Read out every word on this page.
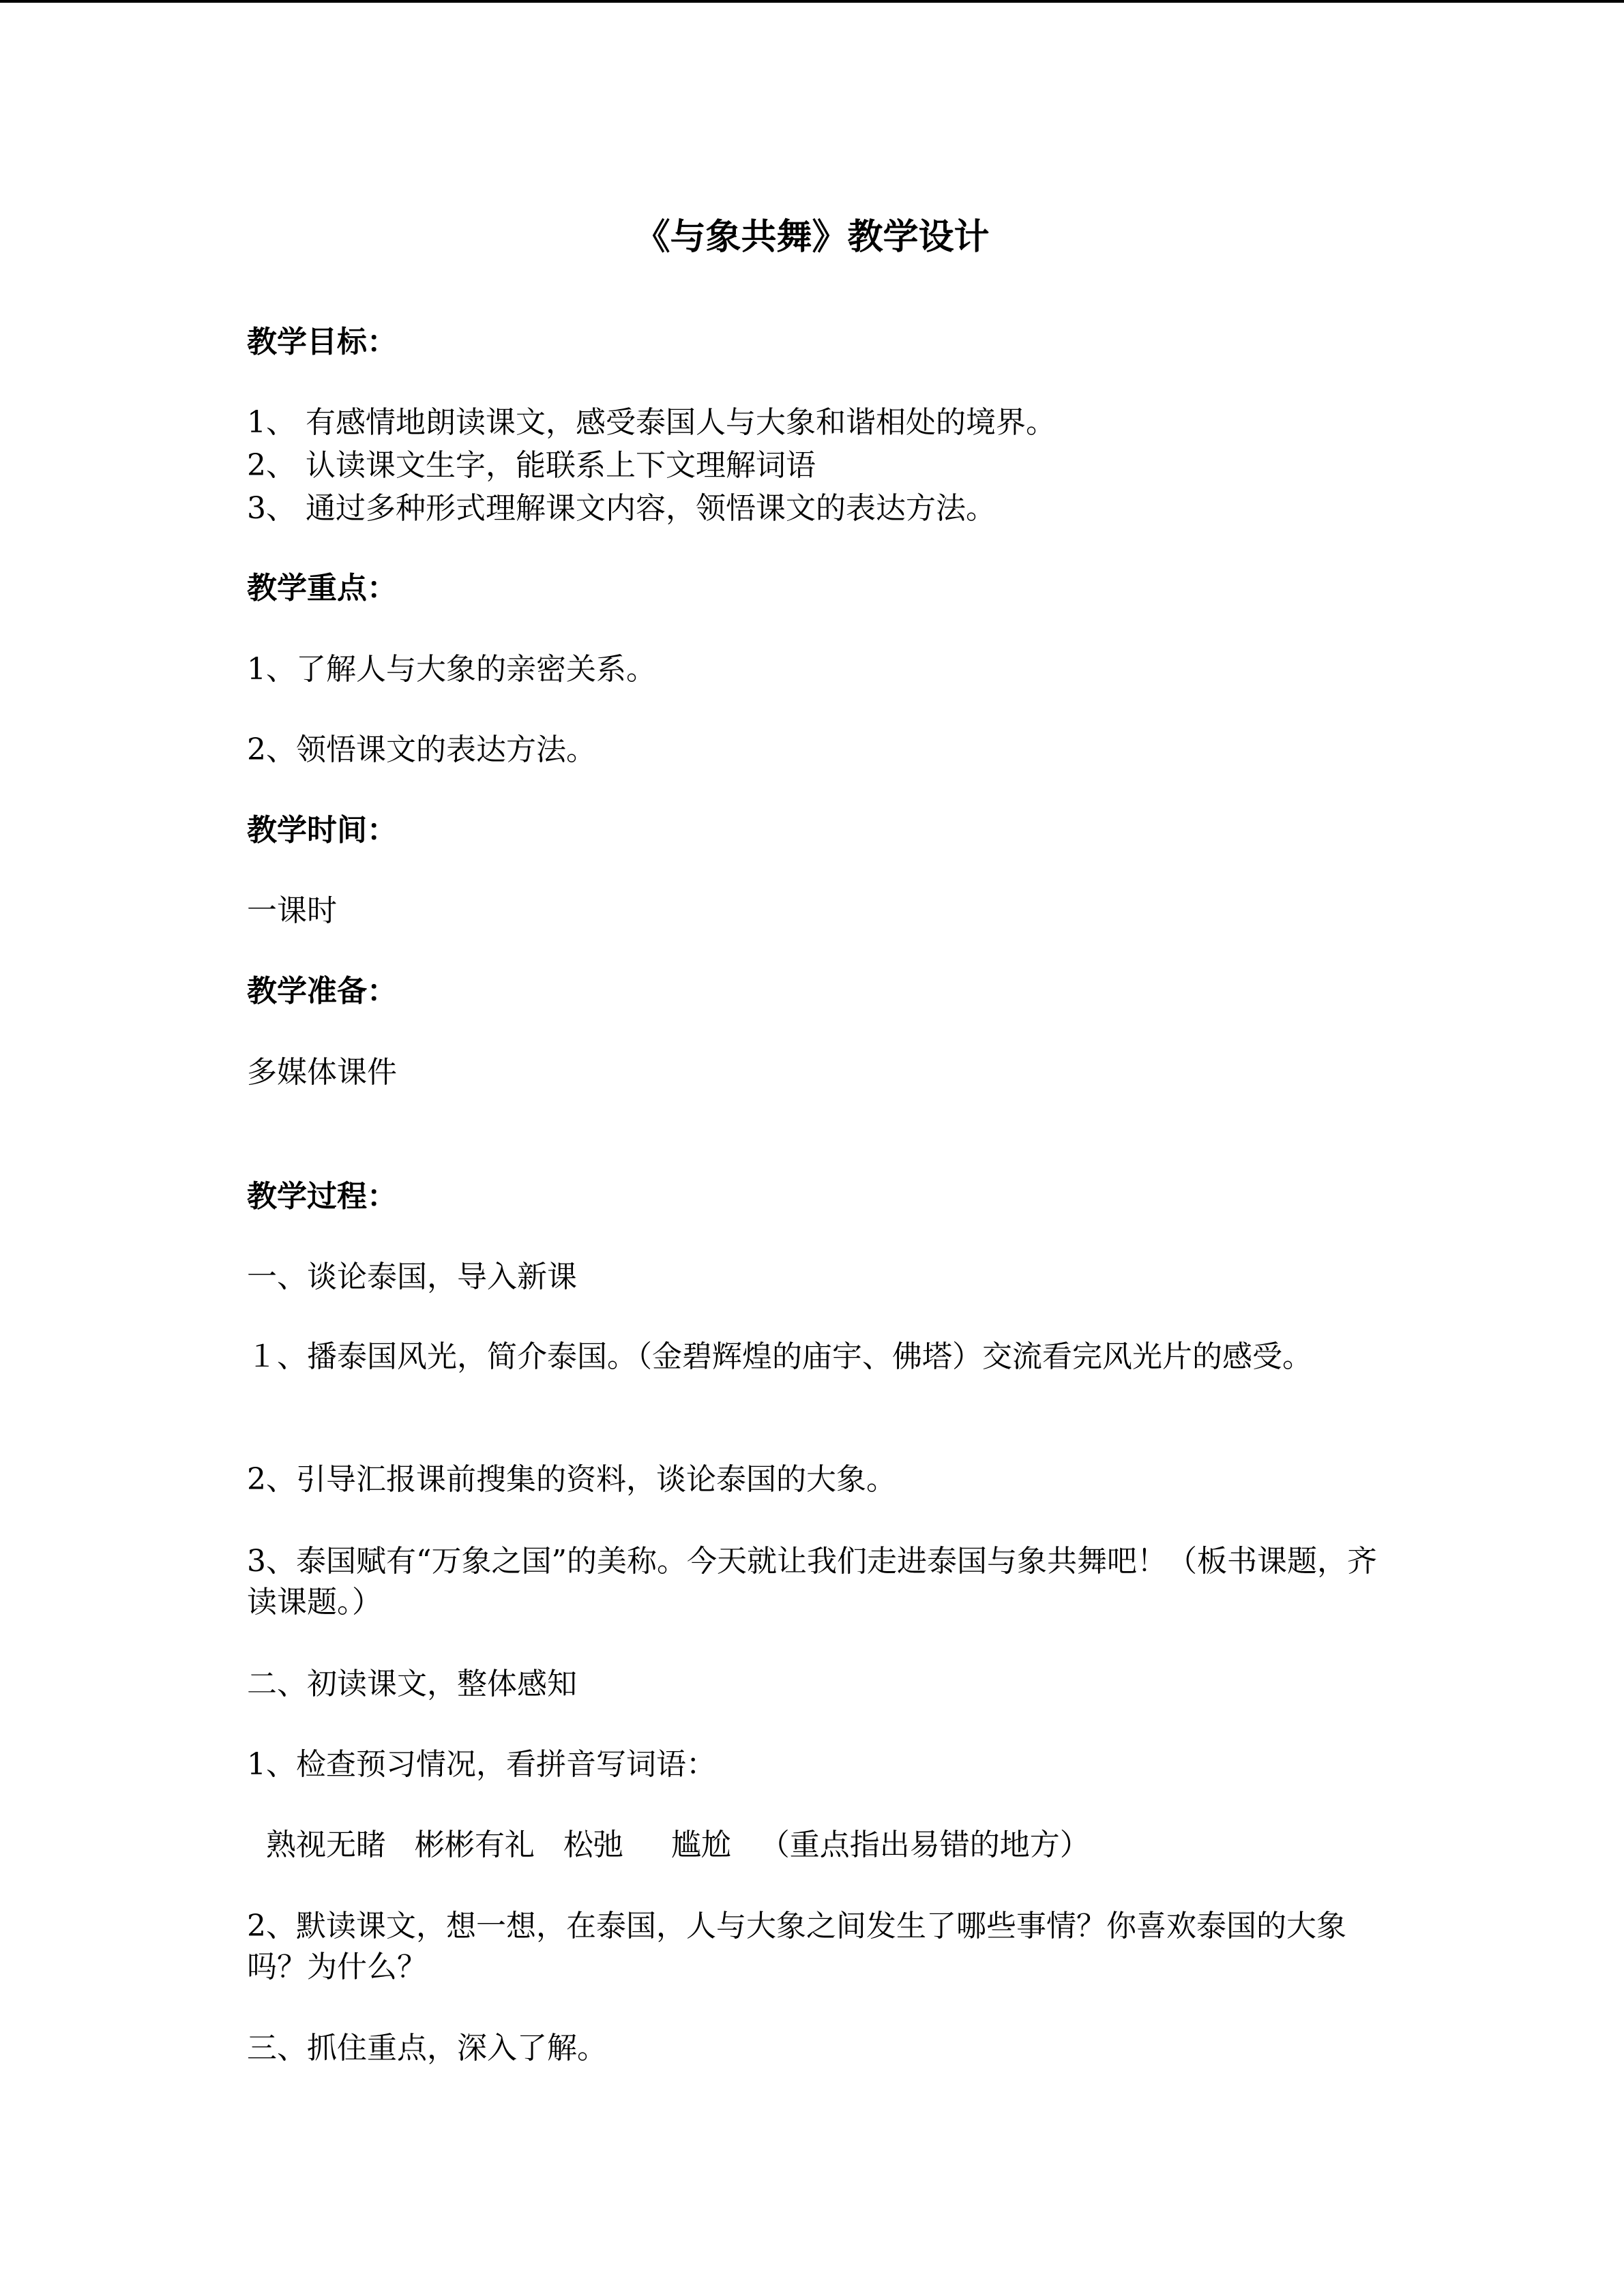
《与象共舞》教学设计
教学目标：
1、 有感情地朗读课文，感受泰国人与大象和谐相处的境界。
2、 认读课文生字，能联系上下文理解词语
3、 通过多种形式理解课文内容，领悟课文的表达方法。
教学重点：
1、了解人与大象的亲密关系。
2、领悟课文的表达方法。
教学时间：
一课时
教学准备：
多媒体课件
教学过程：
一、谈论泰国，导入新课
１、播泰国风光，简介泰国。（金碧辉煌的庙宇、佛塔）交流看完风光片的感受。
2、引导汇报课前搜集的资料，谈论泰国的大象。
3、泰国赋有“万象之国”的美称。今天就让我们走进泰国与象共舞吧！（板书课题，齐读课题。）
二、初读课文，整体感知
1、检查预习情况，看拼音写词语：
熟视无睹   彬彬有礼   松弛     尴尬   （重点指出易错的地方）
2、默读课文，想一想，在泰国，人与大象之间发生了哪些事情？你喜欢泰国的大象吗？为什么？
三、抓住重点，深入了解。
